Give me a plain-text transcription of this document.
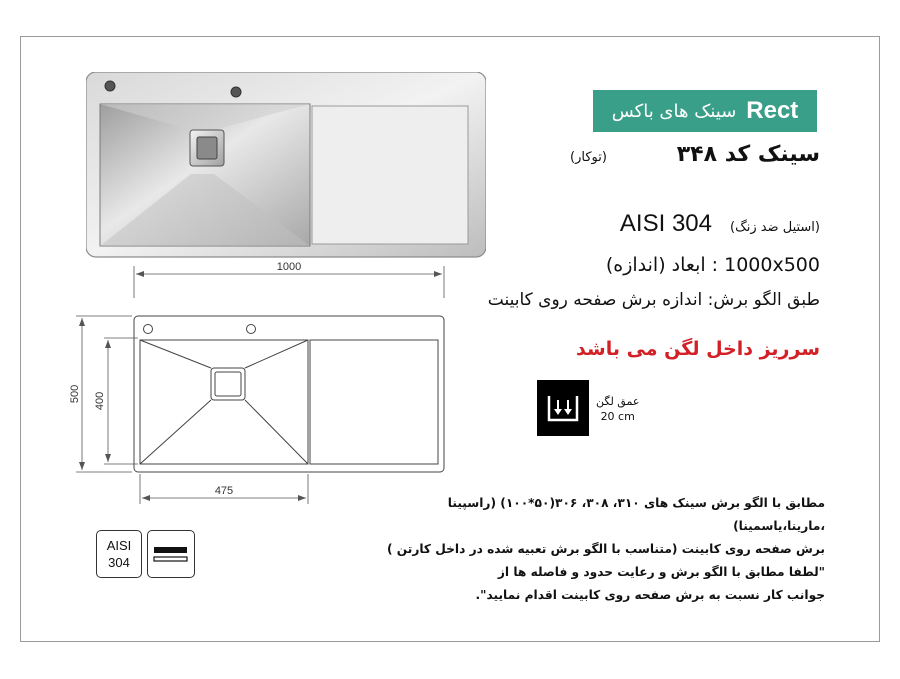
1000
500 400
475
Rect
سینک های باکس
سینک کد ۳۴۸
(توکار)
AISI 304 (استیل ضد زنگ)
1000x500 : ابعاد (اندازه)
طبق الگو برش: اندازه برش صفحه روی کابینت
سرریز داخل لگن می باشد
عمق لگن
20 cm
مطابق با الگو برش سینک های ۳۱۰، ۳۰۸، ۳۰۶(۵۰*۱۰۰) (راسپینا ،مارینا،یاسمینا)
برش صفحه روی کابینت (متناسب با الگو برش تعبیه شده در داخل کارتن )
"لطفا مطابق با الگو برش و رعایت حدود و فاصله ها از
جوانب کار نسبت به برش صفحه روی کابینت اقدام نمایید".
AISI
304
